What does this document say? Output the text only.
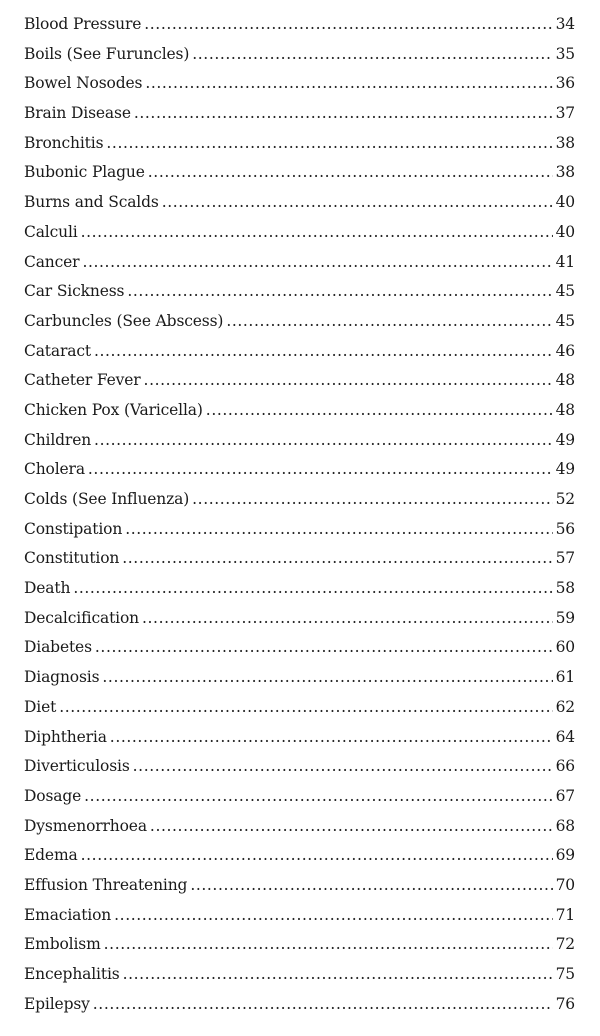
Blood Pressure .....	34
Boils (See Furuncles) .....	35
Bowel Nosodes .....	36
Brain Disease .....	37
Bronchitis .....	38
Bubonic Plague .....	38
Burns and Scalds .....	40
Calculi .....	40
Cancer .....	41
Car Sickness .....	45
Carbuncles (See Abscess) .....	45
Cataract .....	46
Catheter Fever .....	48
Chicken Pox (Varicella) .....	48
Children .....	49
Cholera .....	49
Colds (See Influenza) .....	52
Constipation .....	56
Constitution .....	57
Death .....	58
Decalcification .....	59
Diabetes .....	60
Diagnosis .....	61
Diet .....	62
Diphtheria .....	64
Diverticulosis .....	66
Dosage .....	67
Dysmenorrhoea .....	68
Edema .....	69
Effusion Threatening .....	70
Emaciation .....	71
Embolism .....	72
Encephalitis .....	75
Epilepsy .....	76
